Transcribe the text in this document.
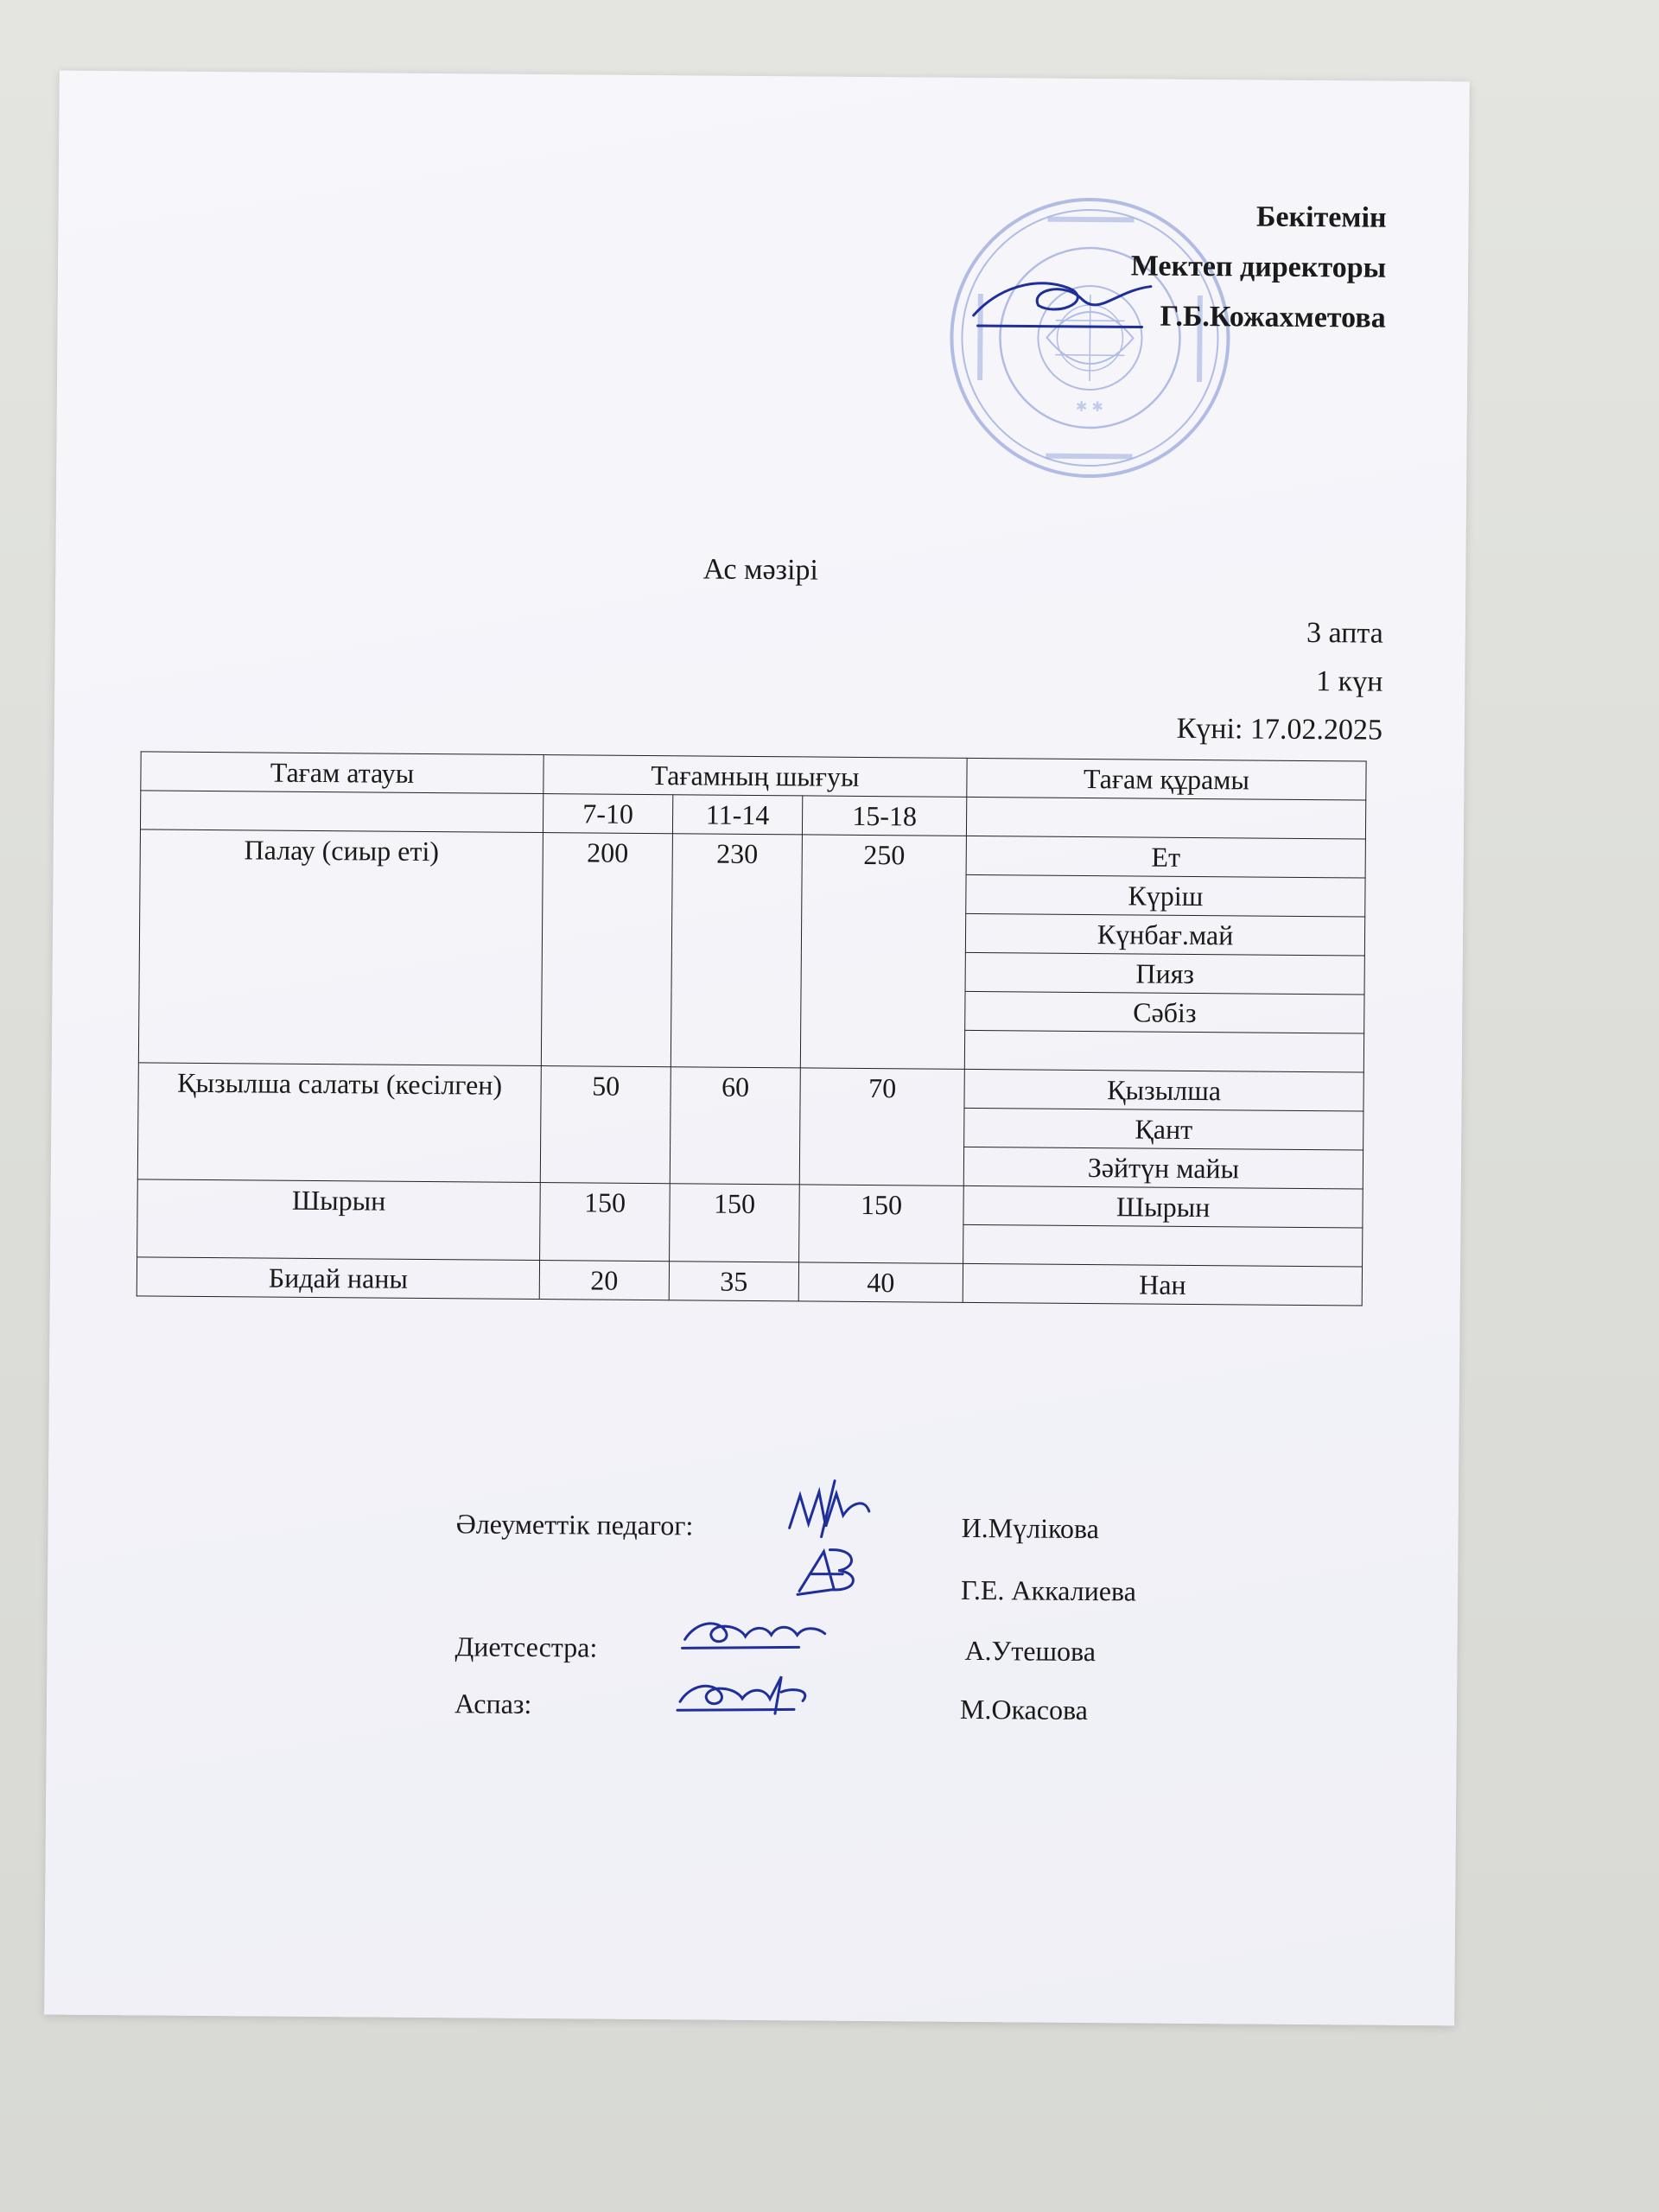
✱ ✱
Бекітемін
Мектеп директоры
Г.Б.Кожахметова
Ас мәзірі
3 апта
1 күн
Күні: 17.02.2025
Тағам атауы	Тағамның шығуы			Тағам құрамы
	7-10	11-14	15-18	
Палау (сиыр еті)	200	230	250	Ет
				Күріш
				Күнбағ.май
				Пияз
				Сәбіз

Қызылша салаты (кесілген)	50	60	70	Қызылша
				Қант
				Зәйтүн майы
Шырын	150	150	150	Шырын

Бидай наны	20	35	40	Нан
Әлеуметтік педагог:	И.Мүлікова
Г.Е. Аккалиева
Диетсестра:	А.Утешова
Аспаз:	М.Окасова
